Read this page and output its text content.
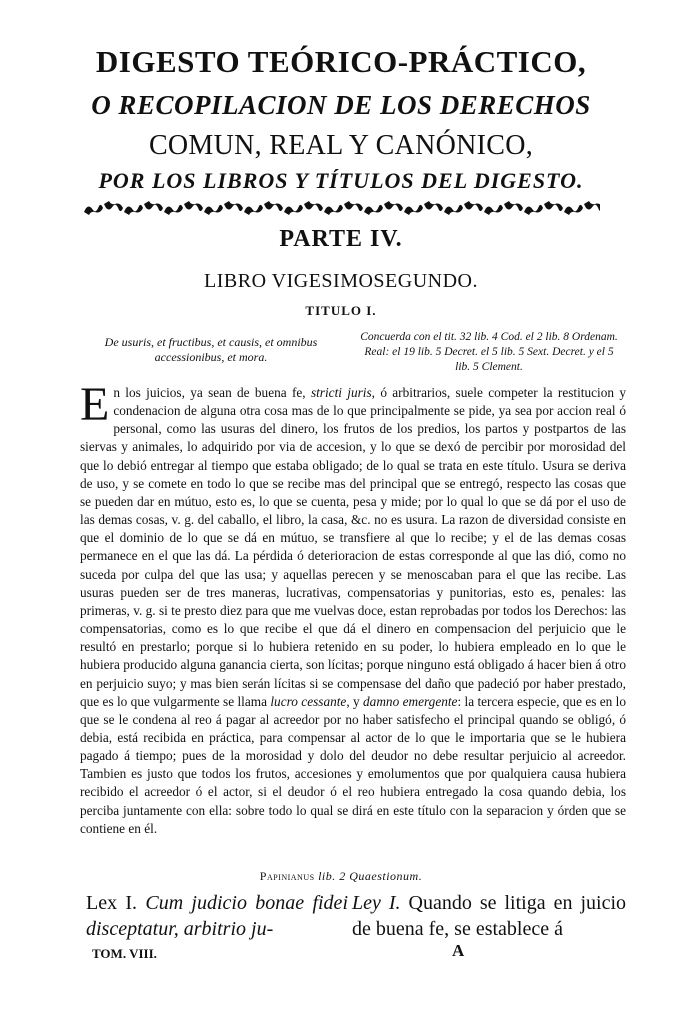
DIGESTO TEÓRICO-PRÁCTICO,
O RECOPILACION DE LOS DERECHOS
COMUN, REAL Y CANÓNICO,
POR LOS LIBROS Y TÍTULOS DEL DIGESTO.
PARTE IV.
LIBRO VIGESIMOSEGUNDO.
TITULO I.
De usuris, et fructibus, et causis, et omnibus accessionibus, et mora.
Concuerda con el tit. 32 lib. 4 Cod. el 2 lib. 8 Ordenam. Real: el 19 lib. 5 Decret. el 5 lib. 5 Sext. Decret. y el 5 lib. 5 Clement.
En los juicios, ya sean de buena fe, stricti juris, ó arbitrarios, suele competer la restitucion y condenacion de alguna otra cosa mas de lo que principalmente se pide, ya sea por accion real ó personal, como las usuras del dinero, los frutos de los predios, los partos y postpartos de las siervas y animales, lo adquirido por via de accesion, y lo que se dexó de percibir por morosidad del que lo debió entregar al tiempo que estaba obligado; de lo qual se trata en este título. Usura se deriva de uso, y se comete en todo lo que se recibe mas del principal que se entregó, respecto las cosas que se pueden dar en mútuo, esto es, lo que se cuenta, pesa y mide; por lo qual lo que se dá por el uso de las demas cosas, v. g. del caballo, el libro, la casa, &c. no es usura. La razon de diversidad consiste en que el dominio de lo que se dá en mútuo, se transfiere al que lo recibe; y el de las demas cosas permanece en el que las dá. La pérdida ó deterioracion de estas corresponde al que las dió, como no suceda por culpa del que las usa; y aquellas perecen y se menoscaban para el que las recibe. Las usuras pueden ser de tres maneras, lucrativas, compensatorias y punitorias, esto es, penales: las primeras, v. g. si te presto diez para que me vuelvas doce, estan reprobadas por todos los Derechos: las compensatorias, como es lo que recibe el que dá el dinero en compensacion del perjuicio que le resultó en prestarlo; porque si lo hubiera retenido en su poder, lo hubiera empleado en lo que le hubiera producido alguna ganancia cierta, son lícitas; porque ninguno está obligado á hacer bien á otro en perjuicio suyo; y mas bien serán lícitas si se compensase del daño que padeció por haber prestado, que es lo que vulgarmente se llama lucro cessante, y damno emergente: la tercera especie, que es en lo que se le condena al reo á pagar al acreedor por no haber satisfecho el principal quando se obligó, ó debia, está recibida en práctica, para compensar al actor de lo que le importaria que se le hubiera pagado á tiempo; pues de la morosidad y dolo del deudor no debe resultar perjuicio al acreedor. Tambien es justo que todos los frutos, accesiones y emolumentos que por qualquiera causa hubiera recibido el acreedor ó el actor, si el deudor ó el reo hubiera entregado la cosa quando debia, los perciba juntamente con ella: sobre todo lo qual se dirá en este título con la separacion y órden que se contiene en él.
Papinianus lib. 2 Quaestionum.
Lex I. Cum judicio bonae fidei disceptatur, arbitrio ju-
Ley I. Quando se litiga en juicio de buena fe, se establece á
TOM. VIII.	A
